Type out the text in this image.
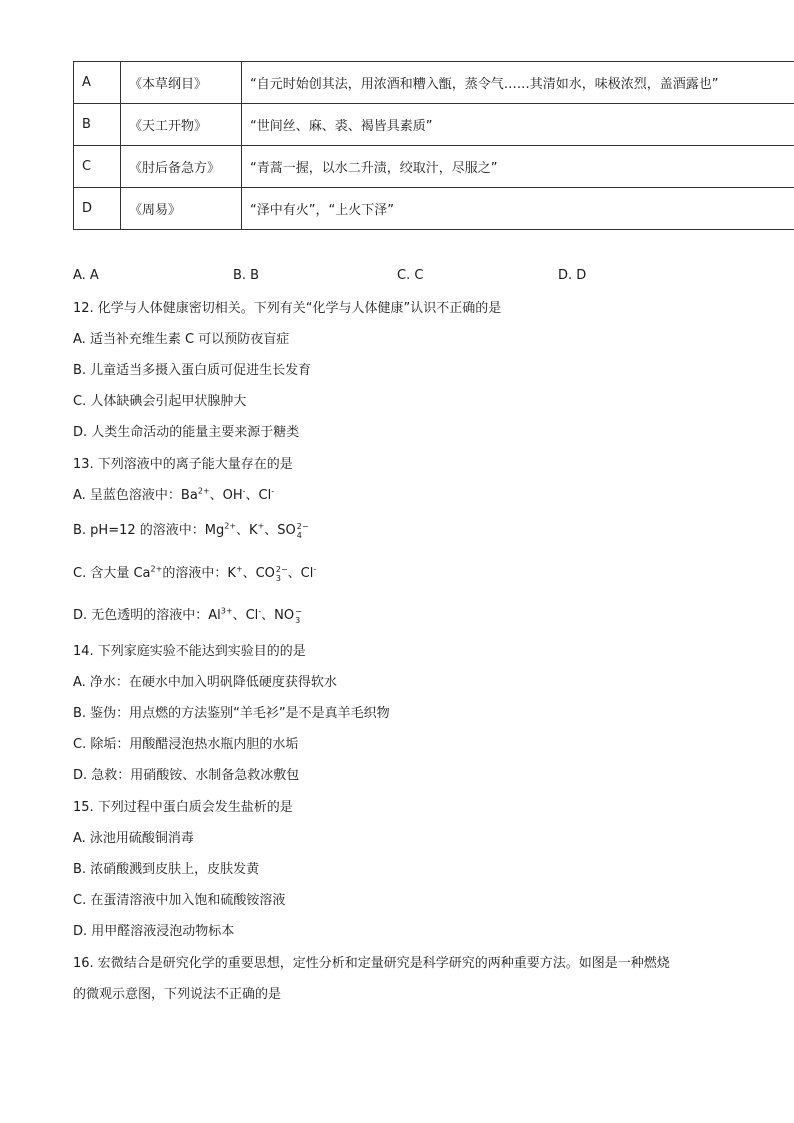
A	《本草纲目》	“自元时始创其法，用浓酒和糟入甑，蒸令气……其清如水，味极浓烈，盖酒露也”
B	《天工开物》	“世间丝、麻、裘、褐皆具素质”
C	《肘后备急方》	“青蒿一握，以水二升渍，绞取汁，尽服之”
D	《周易》	“泽中有火”，“上火下泽”
A. A	B. B	C. C	D. D
12. 化学与人体健康密切相关。下列有关“化学与人体健康”认识不正确的是
A. 适当补充维生素 C 可以预防夜盲症
B. 儿童适当多摄入蛋白质可促进生长发育
C. 人体缺碘会引起甲状腺肿大
D. 人类生命活动的能量主要来源于糖类
13. 下列溶液中的离子能大量存在的是
A. 呈蓝色溶液中：$Ba^{2+}$、OH-、Cl-
B. pH=12 的溶液中：$Mg^{2+}$、K+、SO 2−
4
C. 含大量 $Ca^{2+}$的溶液中：K+、CO 2−
3 、Cl-
D. 无色透明的溶液中：$Al^{3+}$、Cl-、NO −
3
14. 下列家庭实验不能达到实验目的的是
A. 净水：在硬水中加入明矾降低硬度获得软水
B. 鉴伪：用点燃的方法鉴别“羊毛衫”是不是真羊毛织物
C. 除垢：用酸醋浸泡热水瓶内胆的水垢
D. 急救：用硝酸铵、水制备急救冰敷包
15. 下列过程中蛋白质会发生盐析的是
A. 泳池用硫酸铜消毒
B. 浓硝酸溅到皮肤上，皮肤发黄
C. 在蛋清溶液中加入饱和硫酸铵溶液
D. 用甲醛溶液浸泡动物标本
16. 宏微结合是研究化学的重要思想，定性分析和定量研究是科学研究的两种重要方法。如图是一种燃烧
的微观示意图，下列说法不正确的是
